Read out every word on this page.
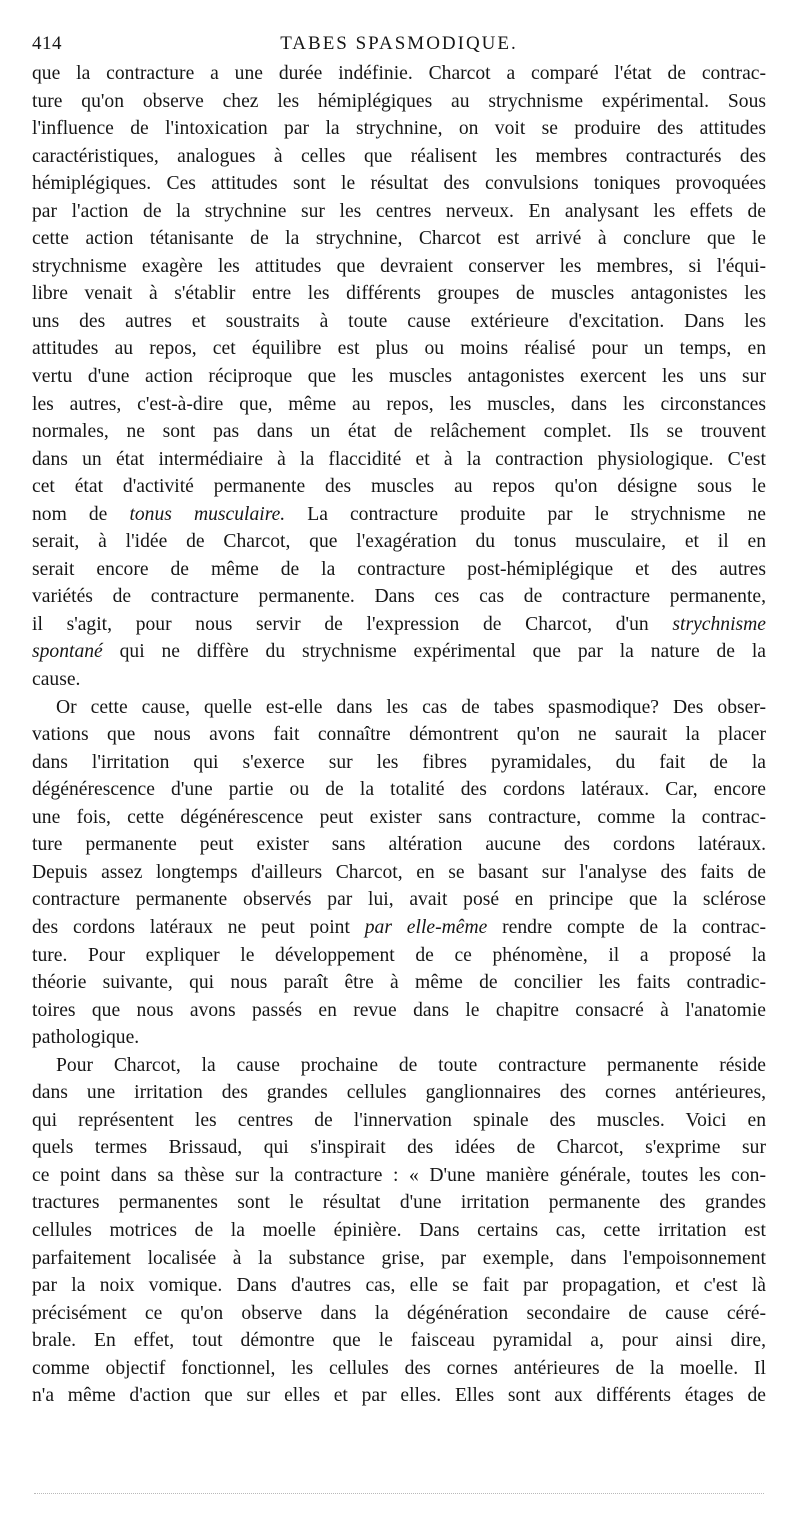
414	TABES SPASMODIQUE.
que la contracture a une durée indéfinie. Charcot a comparé l'état de contrac-
ture qu'on observe chez les hémiplégiques au strychnisme expérimental. Sous
l'influence de l'intoxication par la strychnine, on voit se produire des attitudes
caractéristiques, analogues à celles que réalisent les membres contracturés des
hémiplégiques. Ces attitudes sont le résultat des convulsions toniques provoquées
par l'action de la strychnine sur les centres nerveux. En analysant les effets de
cette action tétanisante de la strychnine, Charcot est arrivé à conclure que le
strychnisme exagère les attitudes que devraient conserver les membres, si l'équi-
libre venait à s'établir entre les différents groupes de muscles antagonistes les
uns des autres et soustraits à toute cause extérieure d'excitation. Dans les
attitudes au repos, cet équilibre est plus ou moins réalisé pour un temps, en
vertu d'une action réciproque que les muscles antagonistes exercent les uns sur
les autres, c'est-à-dire que, même au repos, les muscles, dans les circonstances
normales, ne sont pas dans un état de relâchement complet. Ils se trouvent
dans un état intermédiaire à la flaccidité et à la contraction physiologique. C'est
cet état d'activité permanente des muscles au repos qu'on désigne sous le
nom de tonus musculaire. La contracture produite par le strychnisme ne
serait, à l'idée de Charcot, que l'exagération du tonus musculaire, et il en
serait encore de même de la contracture post-hémiplégique et des autres
variétés de contracture permanente. Dans ces cas de contracture permanente,
il s'agit, pour nous servir de l'expression de Charcot, d'un strychnisme
spontané qui ne diffère du strychnisme expérimental que par la nature de la
cause.
Or cette cause, quelle est-elle dans les cas de tabes spasmodique? Des obser-
vations que nous avons fait connaître démontrent qu'on ne saurait la placer
dans l'irritation qui s'exerce sur les fibres pyramidales, du fait de la
dégénérescence d'une partie ou de la totalité des cordons latéraux. Car, encore
une fois, cette dégénérescence peut exister sans contracture, comme la contrac-
ture permanente peut exister sans altération aucune des cordons latéraux.
Depuis assez longtemps d'ailleurs Charcot, en se basant sur l'analyse des faits de
contracture permanente observés par lui, avait posé en principe que la sclérose
des cordons latéraux ne peut point par elle-même rendre compte de la contrac-
ture. Pour expliquer le développement de ce phénomène, il a proposé la
théorie suivante, qui nous paraît être à même de concilier les faits contradic-
toires que nous avons passés en revue dans le chapitre consacré à l'anatomie
pathologique.
Pour Charcot, la cause prochaine de toute contracture permanente réside
dans une irritation des grandes cellules ganglionnaires des cornes antérieures,
qui représentent les centres de l'innervation spinale des muscles. Voici en
quels termes Brissaud, qui s'inspirait des idées de Charcot, s'exprime sur
ce point dans sa thèse sur la contracture : « D'une manière générale, toutes les con-
tractures permanentes sont le résultat d'une irritation permanente des grandes
cellules motrices de la moelle épinière. Dans certains cas, cette irritation est
parfaitement localisée à la substance grise, par exemple, dans l'empoisonnement
par la noix vomique. Dans d'autres cas, elle se fait par propagation, et c'est là
précisément ce qu'on observe dans la dégénération secondaire de cause céré-
brale. En effet, tout démontre que le faisceau pyramidal a, pour ainsi dire,
comme objectif fonctionnel, les cellules des cornes antérieures de la moelle. Il
n'a même d'action que sur elles et par elles. Elles sont aux différents étages de
